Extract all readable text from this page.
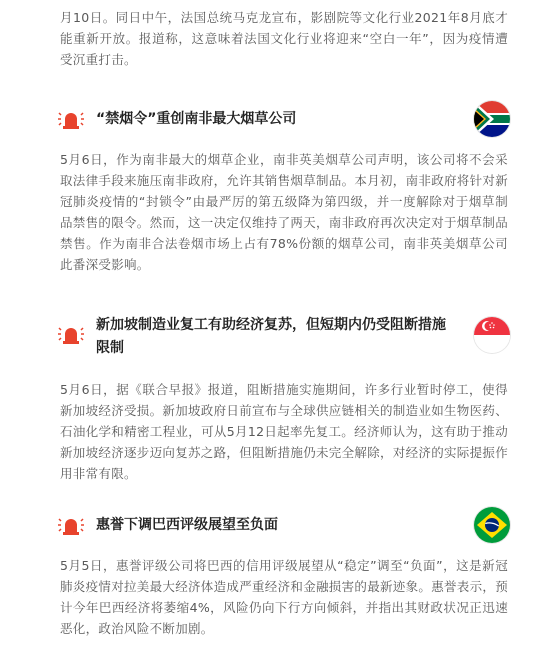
月10日。同日中午，法国总统马克龙宣布，影剧院等文化行业2021年8月底才能重新开放。报道称，这意味着法国文化行业将迎来“空白一年”，因为疫情遭受沉重打击。

“禁烟令”重创南非最大烟草公司

5月6日，作为南非最大的烟草企业，南非英美烟草公司声明，该公司将不会采取法律手段来施压南非政府，允许其销售烟草制品。本月初，南非政府将针对新冠肺炎疫情的“封锁令”由最严厉的第五级降为第四级，并一度解除对于烟草制品禁售的限令。然而，这一决定仅维持了两天，南非政府再次决定对于烟草制品禁售。作为南非合法卷烟市场上占有78%份额的烟草公司，南非英美烟草公司此番深受影响。

新加坡制造业复工有助经济复苏，但短期内仍受阻断措施限制

5月6日，据《联合早报》报道，阻断措施实施期间，许多行业暂时停工，使得新加坡经济受损。新加坡政府日前宣布与全球供应链相关的制造业如生物医药、石油化学和精密工程业，可从5月12日起率先复工。经济师认为，这有助于推动新加坡经济逐步迈向复苏之路，但阻断措施仍未完全解除，对经济的实际提振作用非常有限。

惠誉下调巴西评级展望至负面

5月5日，惠誉评级公司将巴西的信用评级展望从“稳定”调至“负面”，这是新冠肺炎疫情对拉美最大经济体造成严重经济和金融损害的最新迹象。惠誉表示，预计今年巴西经济将萎缩4%，风险仍向下行方向倾斜，并指出其财政状况正迅速恶化，政治风险不断加剧。
